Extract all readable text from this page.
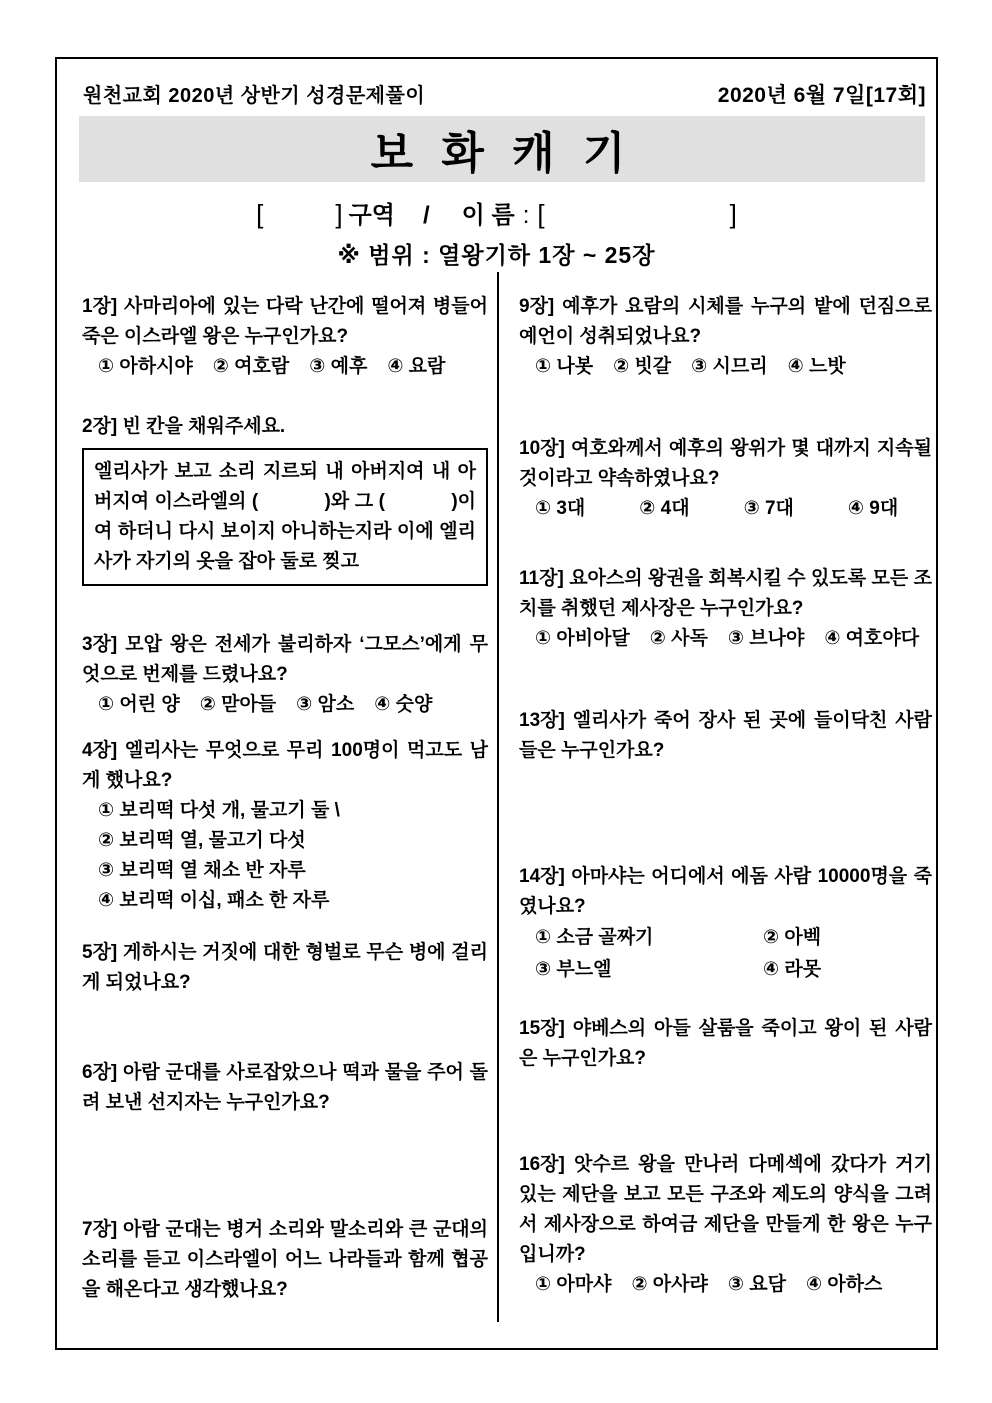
원천교회 2020년 상반기 성경문제풀이	2020년 6월 7일[17회]
보 화 캐 기
[	] 구역 / 이 름 : [	]
※ 범위 : 열왕기하 1장 ~ 25장

1장] 사마리아에 있는 다락 난간에 떨어져 병들어 죽은 이스라엘 왕은 누구인가요?

① 아하시야 ② 여호람 ③ 예후 ④ 요람

2장] 빈 칸을 채워주세요.

엘리사가 보고 소리 지르되 내 아버지여 내 아버지여 이스라엘의 (            )와 그 (            )이여 하더니 다시 보이지 아니하는지라 이에 엘리사가 자기의 옷을 잡아 둘로 찢고

3장] 모압 왕은 전세가 불리하자 ‘그모스’에게 무엇으로 번제를 드렸나요?

① 어린 양 ② 맏아들 ③ 암소 ④ 숫양

4장] 엘리사는 무엇으로 무리 100명이 먹고도 남게 했나요?

① 보리떡 다섯 개, 물고기 둘 \
② 보리떡 열, 물고기 다섯
③ 보리떡 열 채소 반 자루
④ 보리떡 이십, 패소 한 자루

5장] 게하시는 거짓에 대한 형벌로 무슨 병에 걸리게 되었나요?

6장] 아람 군대를 사로잡았으나 떡과 물을 주어 돌려 보낸 선지자는 누구인가요?

7장] 아람 군대는 병거 소리와 말소리와 큰 군대의 소리를 듣고 이스라엘이 어느 나라들과 함께 협공을 해온다고 생각했나요?

9장] 예후가 요람의 시체를 누구의 밭에 던짐으로 예언이 성취되었나요?

① 나봇 ② 빗갈 ③ 시므리 ④ 느밧

10장] 여호와께서 예후의 왕위가 몇 대까지 지속될 것이라고 약속하였나요?

① 3대	② 4대	③ 7대	④ 9대

11장] 요아스의 왕권을 회복시킬 수 있도록 모든 조치를 취했던 제사장은 누구인가요?

① 아비아달 ② 사독 ③ 브나야 ④ 여호야다

13장] 엘리사가 죽어 장사 된 곳에 들이닥친 사람들은 누구인가요?

14장] 아마샤는 어디에서 에돔 사람 10000명을 죽였나요?

① 소금 골짜기	② 아벡
③ 부느엘	④ 라못

15장] 야베스의 아들 살룸을 죽이고 왕이 된 사람은 누구인가요?

16장] 앗수르 왕을 만나러 다메섹에 갔다가 거기 있는 제단을 보고 모든 구조와 제도의 양식을 그려서 제사장으로 하여금 제단을 만들게 한 왕은 누구입니까?

① 아마샤 ② 아사랴 ③ 요담 ④ 아하스
